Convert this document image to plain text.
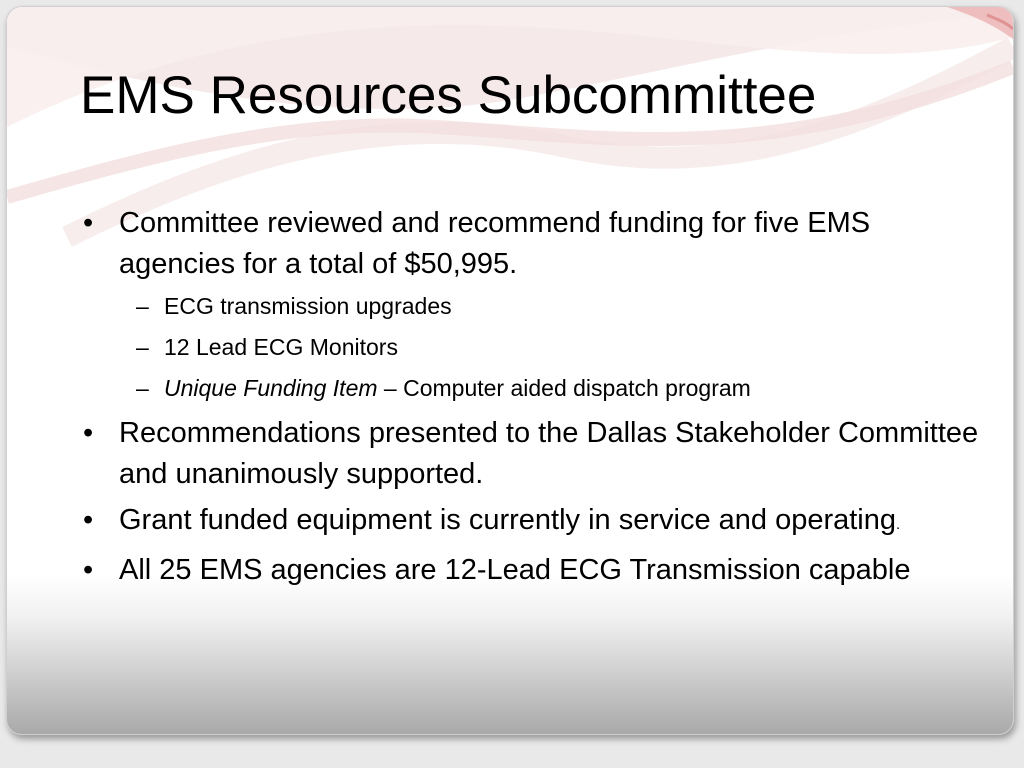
EMS Resources Subcommittee
• Committee reviewed and recommend funding for five EMS agencies for a total of $50,995.
– ECG transmission upgrades
– 12 Lead ECG Monitors
– Unique Funding Item – Computer aided dispatch program
• Recommendations presented to the Dallas Stakeholder Committee and unanimously supported.
• Grant funded equipment is currently in service and operating.
• All 25 EMS agencies are 12-Lead ECG Transmission capable
